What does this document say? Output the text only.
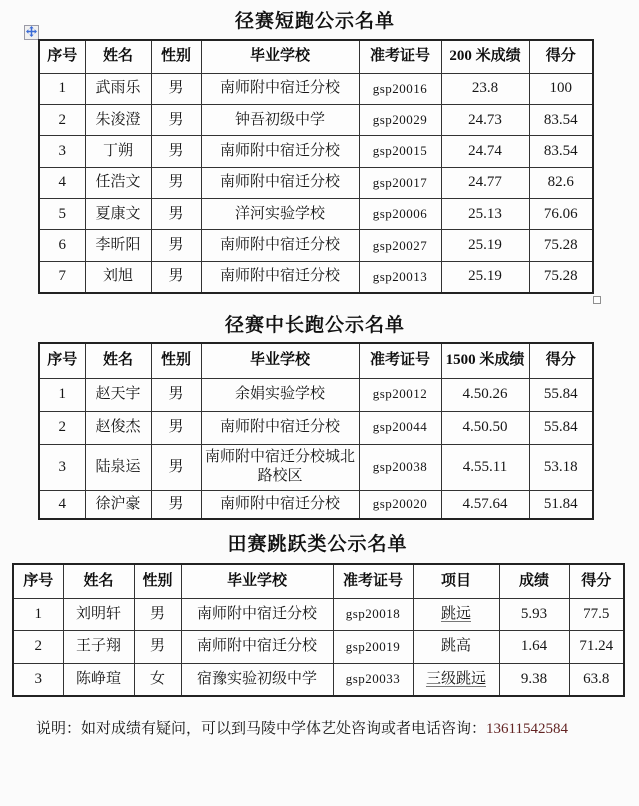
径赛短跑公示名单
序号	姓名	性别	毕业学校	准考证号	200 米成绩	得分
1	武雨乐	男	南师附中宿迁分校	gsp20016	23.8	100
2	朱浚澄	男	钟吾初级中学	gsp20029	24.73	83.54
3	丁朔	男	南师附中宿迁分校	gsp20015	24.74	83.54
4	任浩文	男	南师附中宿迁分校	gsp20017	24.77	82.6
5	夏康文	男	洋河实验学校	gsp20006	25.13	76.06
6	李昕阳	男	南师附中宿迁分校	gsp20027	25.19	75.28
7	刘旭	男	南师附中宿迁分校	gsp20013	25.19	75.28
径赛中长跑公示名单
序号	姓名	性别	毕业学校	准考证号	1500 米成绩	得分
1	赵天宇	男	余娟实验学校	gsp20012	4.50.26	55.84
2	赵俊杰	男	南师附中宿迁分校	gsp20044	4.50.50	55.84
3	陆泉运	男	南师附中宿迁分校城北路校区	gsp20038	4.55.11	53.18
4	徐沪豪	男	南师附中宿迁分校	gsp20020	4.57.64	51.84
田赛跳跃类公示名单
序号	姓名	性别	毕业学校	准考证号	项目	成绩	得分
1	刘明轩	男	南师附中宿迁分校	gsp20018	跳远	5.93	77.5
2	王子翔	男	南师附中宿迁分校	gsp20019	跳高	1.64	71.24
3	陈峥瑄	女	宿豫实验初级中学	gsp20033	三级跳远	9.38	63.8
说明：如对成绩有疑问，可以到马陵中学体艺处咨询或者电话咨询：13611542584
